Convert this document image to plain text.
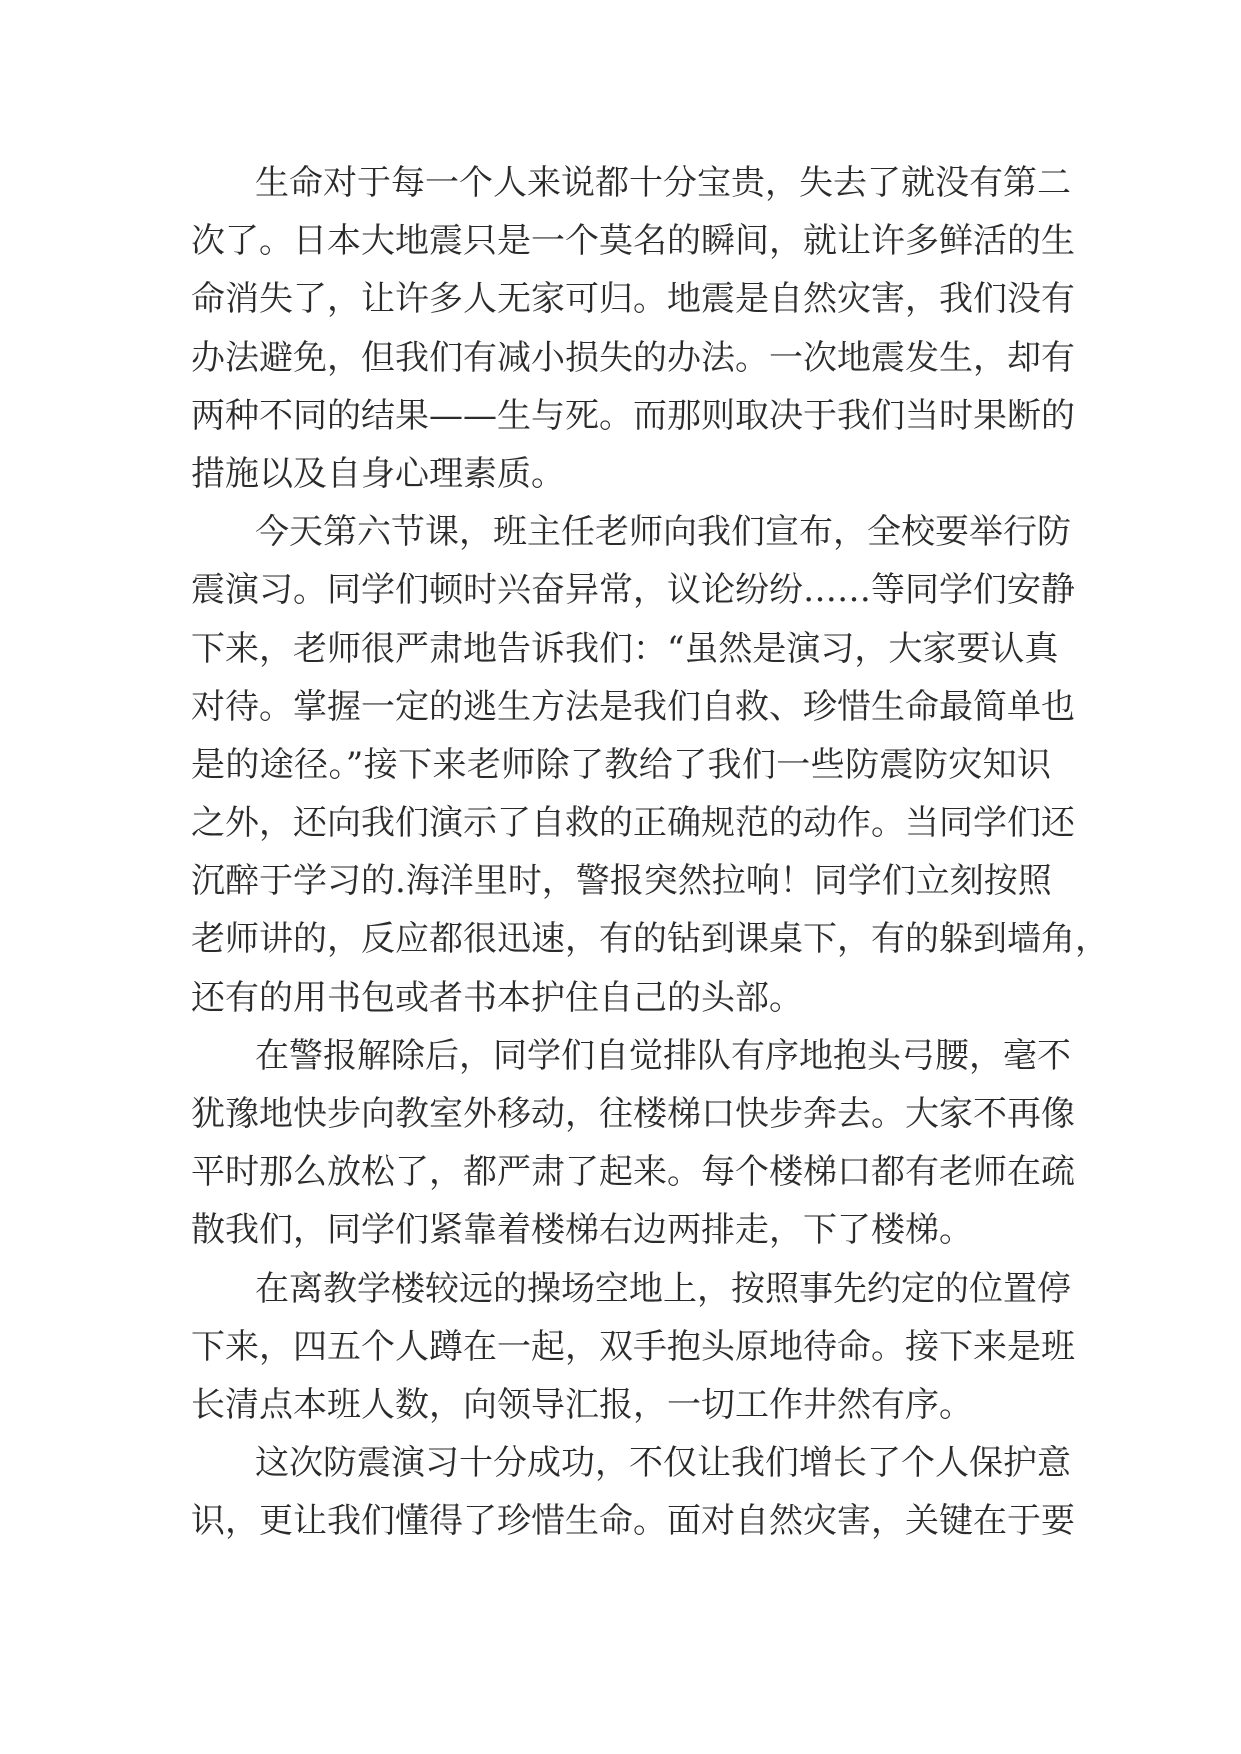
生命对于每一个人来说都十分宝贵，失去了就没有第二
次了。日本大地震只是一个莫名的瞬间，就让许多鲜活的生
命消失了，让许多人无家可归。地震是自然灾害，我们没有
办法避免，但我们有减小损失的办法。一次地震发生，却有
两种不同的结果——生与死。而那则取决于我们当时果断的
措施以及自身心理素质。
今天第六节课，班主任老师向我们宣布，全校要举行防
震演习。同学们顿时兴奋异常，议论纷纷……等同学们安静
下来，老师很严肃地告诉我们：“虽然是演习，大家要认真
对待。掌握一定的逃生方法是我们自救、珍惜生命最简单也
是的途径。”接下来老师除了教给了我们一些防震防灾知识
之外，还向我们演示了自救的正确规范的动作。当同学们还
沉醉于学习的.海洋里时，警报突然拉响！同学们立刻按照
老师讲的，反应都很迅速，有的钻到课桌下，有的躲到墙角，
还有的用书包或者书本护住自己的头部。
在警报解除后，同学们自觉排队有序地抱头弓腰，毫不
犹豫地快步向教室外移动，往楼梯口快步奔去。大家不再像
平时那么放松了，都严肃了起来。每个楼梯口都有老师在疏
散我们，同学们紧靠着楼梯右边两排走，下了楼梯。
在离教学楼较远的操场空地上，按照事先约定的位置停
下来，四五个人蹲在一起，双手抱头原地待命。接下来是班
长清点本班人数，向领导汇报，一切工作井然有序。
这次防震演习十分成功，不仅让我们增长了个人保护意
识，更让我们懂得了珍惜生命。面对自然灾害，关键在于要
